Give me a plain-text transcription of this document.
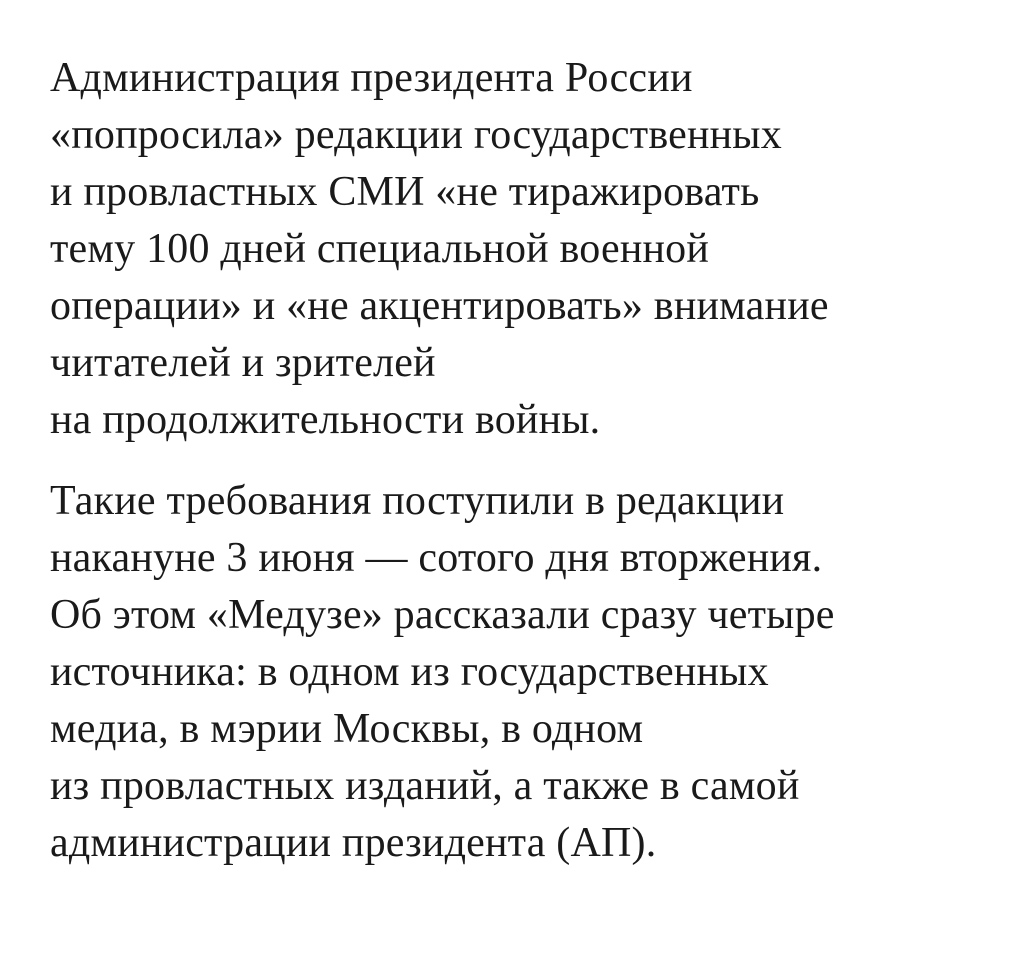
Администрация президента России
«попросила» редакции государственных
и провластных СМИ «не тиражировать
тему 100 дней специальной военной
операции» и «не акцентировать» внимание
читателей и зрителей
на продолжительности войны.

Такие требования поступили в редакции
накануне 3 июня — сотого дня вторжения.
Об этом «Медузе» рассказали сразу четыре
источника: в одном из государственных
медиа, в мэрии Москвы, в одном
из провластных изданий, а также в самой
администрации президента (АП).
